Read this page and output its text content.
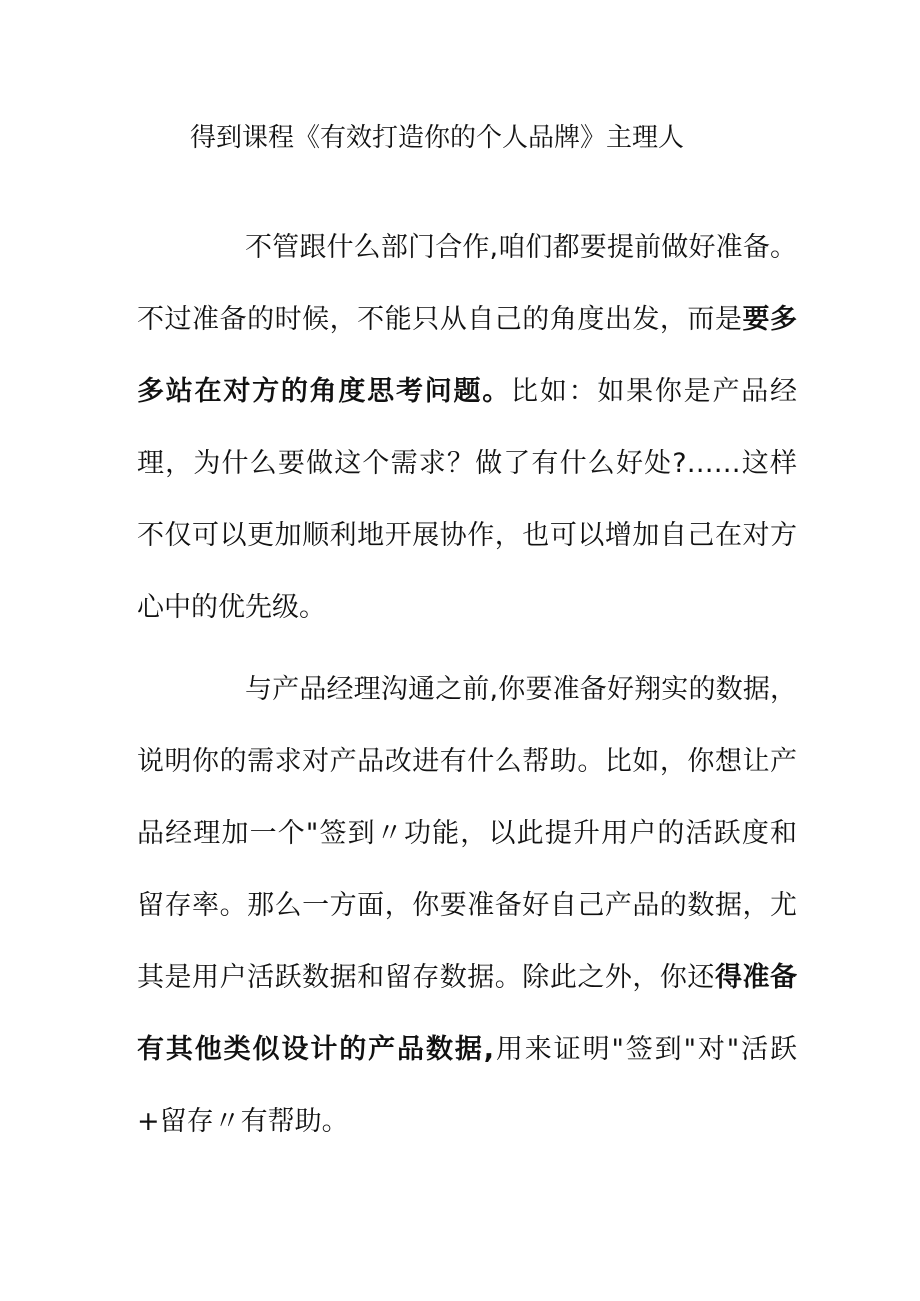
得到课程《有效打造你的个人品牌》主理人
不管跟什么部门合作,咱们都要提前做好准备。不过准备的时候，不能只从自己的角度出发，而是要多多站在对方的角度思考问题。比如：如果你是产品经理，为什么要做这个需求？做了有什么好处?……这样不仅可以更加顺利地开展协作，也可以增加自己在对方心中的优先级。
与产品经理沟通之前,你要准备好翔实的数据，说明你的需求对产品改进有什么帮助。比如，你想让产品经理加一个"签到〃功能，以此提升用户的活跃度和留存率。那么一方面，你要准备好自己产品的数据，尤其是用户活跃数据和留存数据。除此之外，你还得准备有其他类似设计的产品数据,用来证明"签到"对"活跃+留存〃有帮助。
